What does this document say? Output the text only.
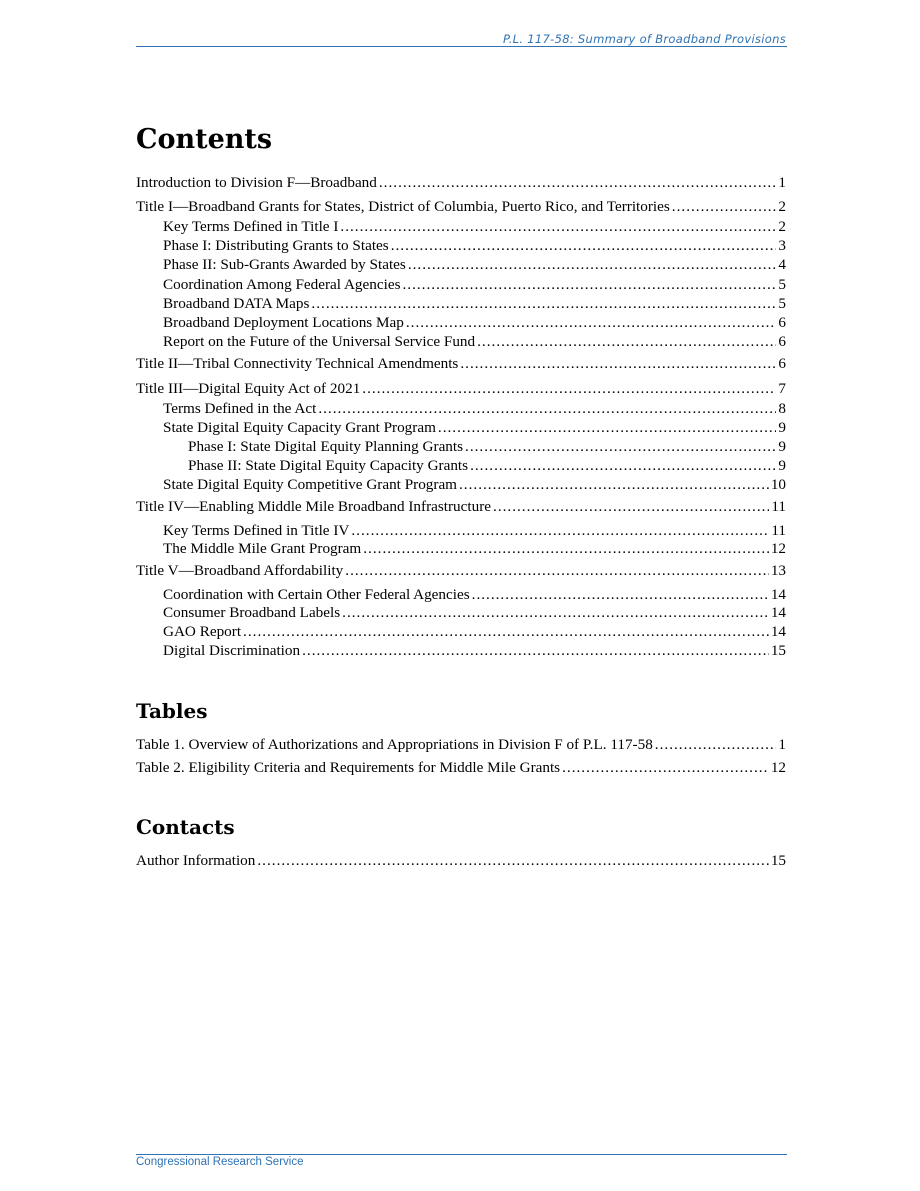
P.L. 117-58: Summary of Broadband Provisions
Contents
Introduction to Division F—Broadband .....	1
Title I—Broadband Grants for States, District of Columbia, Puerto Rico, and Territories .....	2
Key Terms Defined in Title I .....	2
Phase I: Distributing Grants to States .....	3
Phase II: Sub-Grants Awarded by States .....	4
Coordination Among Federal Agencies .....	5
Broadband DATA Maps .....	5
Broadband Deployment Locations Map .....	6
Report on the Future of the Universal Service Fund .....	6
Title II—Tribal Connectivity Technical Amendments .....	6
Title III—Digital Equity Act of 2021 .....	7
Terms Defined in the Act .....	8
State Digital Equity Capacity Grant Program .....	9
Phase I: State Digital Equity Planning Grants .....	9
Phase II: State Digital Equity Capacity Grants .....	9
State Digital Equity Competitive Grant Program .....	10
Title IV—Enabling Middle Mile Broadband Infrastructure .....	11
Key Terms Defined in Title IV .....	11
The Middle Mile Grant Program .....	12
Title V—Broadband Affordability .....	13
Coordination with Certain Other Federal Agencies .....	14
Consumer Broadband Labels .....	14
GAO Report .....	14
Digital Discrimination .....	15
Tables
Table 1. Overview of Authorizations and Appropriations in Division F of P.L. 117-58 .....	1
Table 2. Eligibility Criteria and Requirements for Middle Mile Grants .....	12
Contacts
Author Information .....	15
Congressional Research Service
